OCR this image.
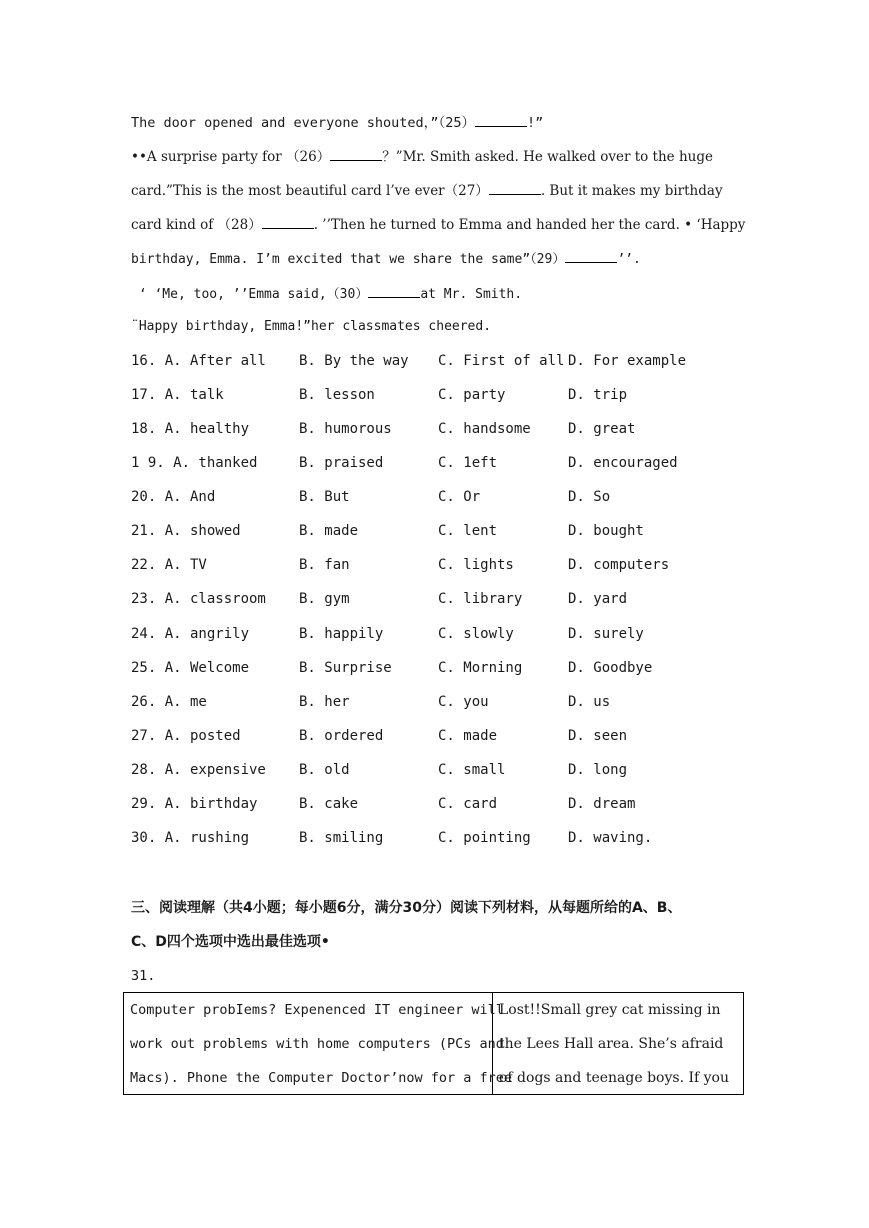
The door opened and everyone shouted，”（25）	!”
••A surprise party for （26）	？”Mr. Smith asked. He walked over to the huge
card.”This is the most beautiful card l’ve ever（27）	. But it makes my birthday
card kind of （28）	. ’’Then he turned to Emma and handed her the card. • ‘Happy
birthday, Emma. I’m excited that we share the same”（29）	’’.
‘ ‘Me, too, ’’Emma said,（30）	at Mr. Smith.
¨Happy birthday, Emma!”her classmates cheered.
16. A. After all B. By the way C. First of all D. For example
17. A. talk	B. lesson	C. party	D. trip
18. A. healthy	B. humorous	C. handsome	D. great
1 9. A. thanked	B. praised	C. 1eft	D. encouraged
20. A. And	B. But	C. Or	D. So
21. A. showed	B. made	C. lent	D. bought
22. A. TV	B. fan	C. lights	D. computers
23. A. classroom B. gym	C. library	D. yard
24. A. angrily	B. happily	C. slowly	D. surely
25. A. Welcome	B. Surprise	C. Morning	D. Goodbye
26. A. me	B. her	C. you	D. us
27. A. posted	B. ordered	C. made	D. seen
28. A. expensive B. old	C. small	D. long
29. A. birthday	B. cake	C. card	D. dream
30. A. rushing	B. smiling	C. pointing	D. waving.
三、阅读理解（共4小题；每小题6分，满分30分）阅读下列材料，从每题所给的A、B、
C、D四个选项中选出最佳选项•
31.
Computer probIems? Expenenced IT engineer will
work out problems with home computers (PCs and
Macs). Phone the Computer Doctor’now for a free
Lost!!Small grey cat missing in
the Lees Hall area. She’s afraid
of dogs and teenage boys. If you
